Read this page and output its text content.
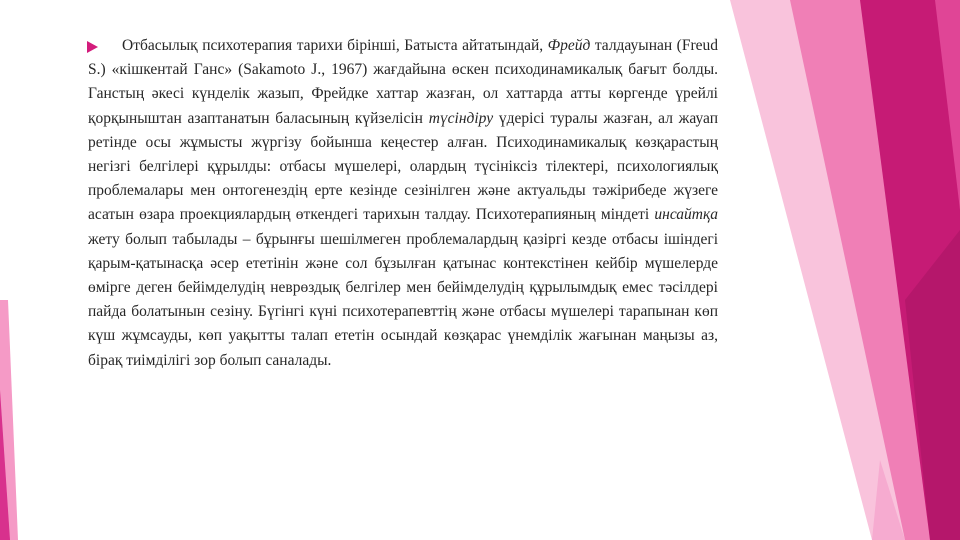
Отбасылық психотерапия тарихи бірінші, Батыста айтатындай, Фрейд талдауынан (Freud S.) «кішкентай Ганс» (Sakamoto J., 1967) жағдайына өскен психодинамикалық бағыт болды. Ганстың әкесі күнделік жазып, Фрейдке хаттар жазған, ол хаттарда атты көргенде үрейлі қорқыныштан азаптанатын баласының күйзелісін түсіндіру үдерісі туралы жазған, ал жауап ретінде осы жұмысты жүргізу бойынша кеңестер алған. Психодинамикалық көзқарастың негізгі белгілері құрылды: отбасы мүшелері, олардың түсініксіз тілектері, психологиялық проблемалары мен онтогенездің ерте кезінде сезінілген және актуальды тәжірибеде жүзеге асатын өзара проекциялардың өткендегі тарихын талдау. Психотерапияның міндеті инсайтқа жету болып табылады – бұрынғы шешілмеген проблемалардың қазіргі кезде отбасы ішіндегі қарым-қатынасқа әсер ететінін және сол бұзылған қатынас контекстінен кейбір мүшелерде өмірге деген бейімделудің неврөздық белгілер мен бейімделудің құрылымдық емес тәсілдері пайда болатынын сезіну. Бүгінгі күні психотерапевттің және отбасы мүшелері тарапынан көп күш жұмсауды, көп уақытты талап ететін осындай көзқарас үнемділік жағынан маңызы аз, бірақ тиімділігі зор болып саналады.
